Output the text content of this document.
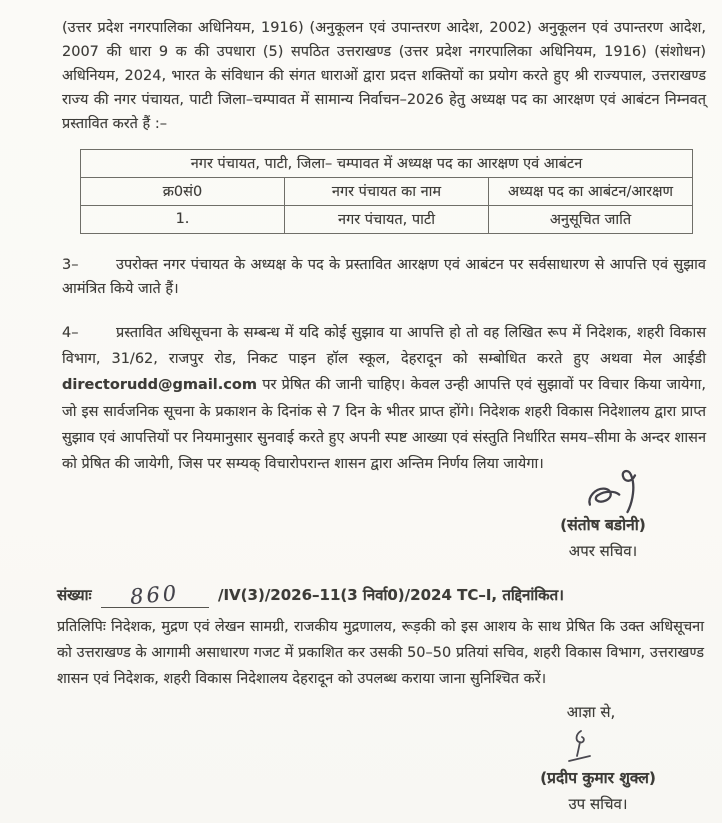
(उत्तर प्रदेश नगरपालिका अधिनियम, 1916) (अनुकूलन एवं उपान्तरण आदेश, 2002) अनुकूलन एवं उपान्तरण आदेश, 2007 की धारा 9 क की उपधारा (5) सपठित उत्तराखण्ड (उत्तर प्रदेश नगरपालिका अधिनियम, 1916) (संशोधन) अधिनियम, 2024, भारत के संविधान की संगत धाराओं द्वारा प्रदत्त शक्तियों का प्रयोग करते हुए श्री राज्यपाल, उत्तराखण्ड राज्य की नगर पंचायत, पाटी जिला–चम्पावत में सामान्य निर्वाचन–2026 हेतु अध्यक्ष पद का आरक्षण एवं आबंटन निम्नवत् प्रस्तावित करते हैं :–

नगर पंचायत, पाटी, जिला– चम्पावत में अध्यक्ष पद का आरक्षण एवं आबंटन		
क्र0सं0	नगर पंचायत का नाम	अध्यक्ष पद का आबंटन/आरक्षण
1.	नगर पंचायत, पाटी	अनुसूचित जाति

3–	उपरोक्त नगर पंचायत के अध्यक्ष के पद के प्रस्तावित आरक्षण एवं आबंटन पर सर्वसाधारण से आपत्ति एवं सुझाव आमंत्रित किये जाते हैं।

4–	प्रस्तावित अधिसूचना के सम्बन्ध में यदि कोई सुझाव या आपत्ति हो तो वह लिखित रूप में निदेशक, शहरी विकास विभाग, 31/62, राजपुर रोड, निकट पाइन हॉल स्कूल, देहरादून को सम्बोधित करते हुए अथवा मेल आईडी directorudd@gmail.com पर प्रेषित की जानी चाहिए। केवल उन्ही आपत्ति एवं सुझावों पर विचार किया जायेगा, जो इस सार्वजनिक सूचना के प्रकाशन के दिनांक से 7 दिन के भीतर प्राप्त होंगे। निदेशक शहरी विकास निदेशालय द्वारा प्राप्त सुझाव एवं आपत्तियों पर नियमानुसार सुनवाई करते हुए अपनी स्पष्ट आख्या एवं संस्तुति निर्धारित समय–सीमा के अन्दर शासन को प्रेषित की जायेगी, जिस पर सम्यक् विचारोपरान्त शासन द्वारा अन्तिम निर्णय लिया जायेगा।

(संतोष बडोनी)
अपर सचिव।
संख्याः 860	/IV(3)/2026–11(3 निर्वा0)/2024 TC–I, तद्दिनांकित।

प्रतिलिपिः निदेशक, मुद्रण एवं लेखन सामग्री, राजकीय मुद्रणालय, रूड़की को इस आशय के साथ प्रेषित कि उक्त अधिसूचना को उत्तराखण्ड के आगामी असाधारण गजट में प्रकाशित कर उसकी 50–50 प्रतियां सचिव, शहरी विकास विभाग, उत्तराखण्ड शासन एवं निदेशक, शहरी विकास निदेशालय देहरादून को उपलब्ध कराया जाना सुनिश्चित करें।

आज्ञा से,
(प्रदीप कुमार शुक्ल)
उप सचिव।
